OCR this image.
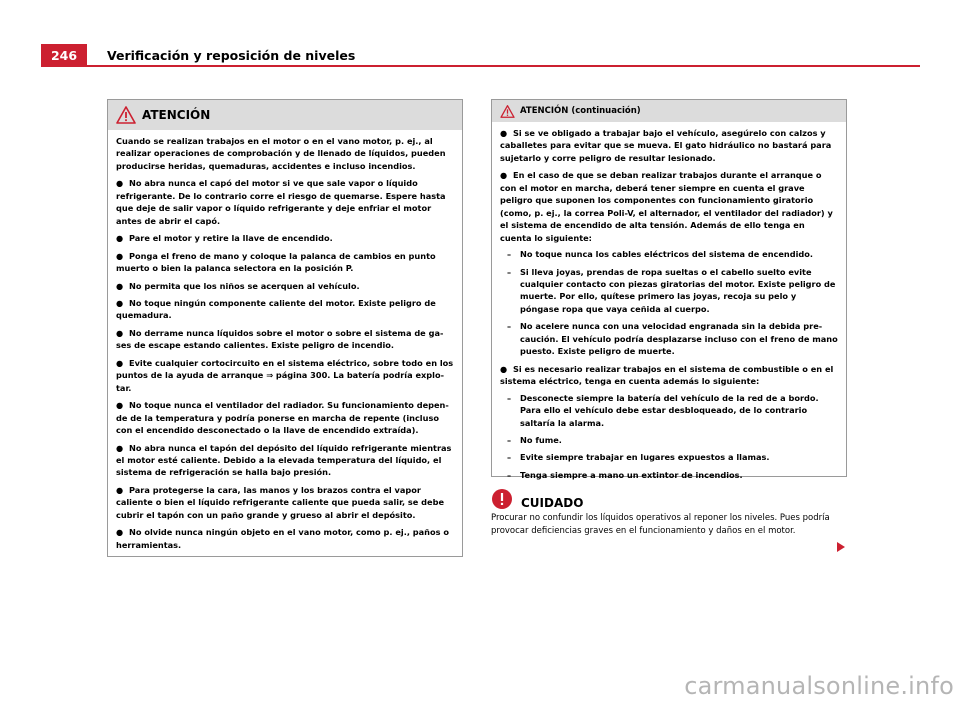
246	Verificación y reposición de niveles
ATENCIÓN

Cuando se realizan trabajos en el motor o en el vano motor, p. ej., al realizar operaciones de comprobación y de llenado de líquidos, pueden producirse heridas, quemaduras, accidentes e incluso incendios.

● No abra nunca el capó del motor si ve que sale vapor o líquido refrigerante. De lo contrario corre el riesgo de quemarse. Espere hasta que deje de salir vapor o líquido refrigerante y deje enfriar el motor antes de abrir el capó.

● Pare el motor y retire la llave de encendido.

● Ponga el freno de mano y coloque la palanca de cambios en punto muerto o bien la palanca selectora en la posición P.

● No permita que los niños se acerquen al vehículo.

● No toque ningún componente caliente del motor. Existe peligro de quemadura.

● No derrame nunca líquidos sobre el motor o sobre el sistema de gases de escape estando calientes. Existe peligro de incendio.

● Evite cualquier cortocircuito en el sistema eléctrico, sobre todo en los puntos de la ayuda de arranque ⇒ página 300. La batería podría explotar.

● No toque nunca el ventilador del radiador. Su funcionamiento depende de la temperatura y podría ponerse en marcha de repente (incluso con el encendido desconectado o la llave de encendido extraída).

● No abra nunca el tapón del depósito del líquido refrigerante mientras el motor esté caliente. Debido a la elevada temperatura del líquido, el sistema de refrigeración se halla bajo presión.

● Para protegerse la cara, las manos y los brazos contra el vapor caliente o bien el líquido refrigerante caliente que pueda salir, se debe cubrir el tapón con un paño grande y grueso al abrir el depósito.

● No olvide nunca ningún objeto en el vano motor, como p. ej., paños o herramientas.

ATENCIÓN (continuación)

● Si se ve obligado a trabajar bajo el vehículo, asegúrelo con calzos y caballetes para evitar que se mueva. El gato hidráulico no bastará para sujetarlo y corre peligro de resultar lesionado.

● En el caso de que se deban realizar trabajos durante el arranque o con el motor en marcha, deberá tener siempre en cuenta el grave peligro que suponen los componentes con funcionamiento giratorio (como, p. ej., la correa Poli-V, el alternador, el ventilador del radiador) y el sistema de encendido de alta tensión. Además de ello tenga en cuenta lo siguiente:

– No toque nunca los cables eléctricos del sistema de encendido.

– Si lleva joyas, prendas de ropa sueltas o el cabello suelto evite cualquier contacto con piezas giratorias del motor. Existe peligro de muerte. Por ello, quítese primero las joyas, recoja su pelo y póngase ropa que vaya ceñida al cuerpo.

– No acelere nunca con una velocidad engranada sin la debida precaución. El vehículo podría desplazarse incluso con el freno de mano puesto. Existe peligro de muerte.

● Si es necesario realizar trabajos en el sistema de combustible o en el sistema eléctrico, tenga en cuenta además lo siguiente:

– Desconecte siempre la batería del vehículo de la red de a bordo. Para ello el vehículo debe estar desbloqueado, de lo contrario saltaría la alarma.

– No fume.

– Evite siempre trabajar en lugares expuestos a llamas.

– Tenga siempre a mano un extintor de incendios.

CUIDADO
Procurar no confundir los líquidos operativos al reponer los niveles. Pues podría provocar deficiencias graves en el funcionamiento y daños en el motor.
carmanualsonline.info
